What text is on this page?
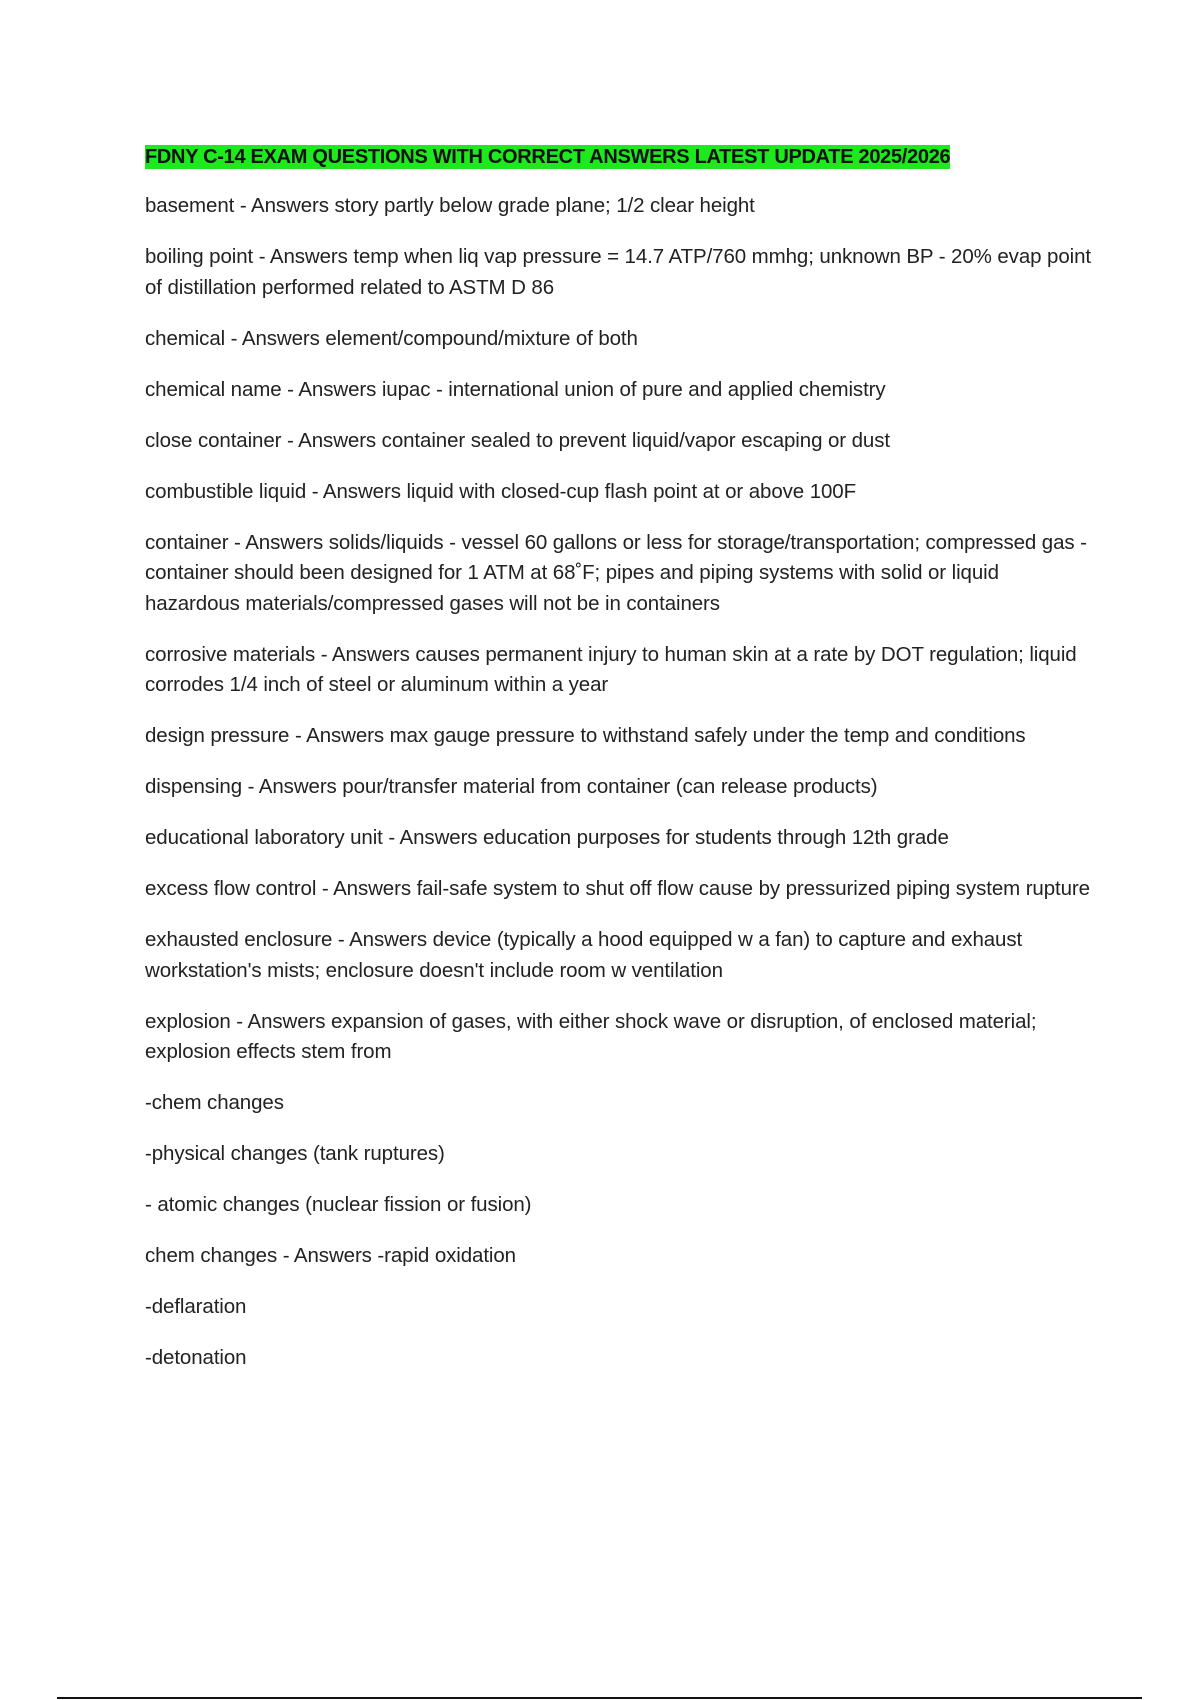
FDNY C-14 EXAM QUESTIONS WITH CORRECT ANSWERS LATEST UPDATE 2025/2026
basement - Answers story partly below grade plane; 1/2 clear height
boiling point - Answers temp when liq vap pressure = 14.7 ATP/760 mmhg; unknown BP - 20% evap point of distillation performed related to ASTM D 86
chemical - Answers element/compound/mixture of both
chemical name - Answers iupac - international union of pure and applied chemistry
close container - Answers container sealed to prevent liquid/vapor escaping or dust
combustible liquid - Answers liquid with closed-cup flash point at or above 100F
container - Answers solids/liquids - vessel 60 gallons or less for storage/transportation; compressed gas - container should been designed for 1 ATM at 68˚F; pipes and piping systems with solid or liquid hazardous materials/compressed gases will not be in containers
corrosive materials - Answers causes permanent injury to human skin at a rate by DOT regulation; liquid corrodes 1/4 inch of steel or aluminum within a year
design pressure - Answers max gauge pressure to withstand safely under the temp and conditions
dispensing - Answers pour/transfer material from container (can release products)
educational laboratory unit - Answers education purposes for students through 12th grade
excess flow control - Answers fail-safe system to shut off flow cause by pressurized piping system rupture
exhausted enclosure - Answers device (typically a hood equipped w a fan) to capture and exhaust workstation's mists; enclosure doesn't include room w ventilation
explosion - Answers expansion of gases, with either shock wave or disruption, of enclosed material; explosion effects stem from
-chem changes
-physical changes (tank ruptures)
- atomic changes (nuclear fission or fusion)
chem changes - Answers -rapid oxidation
-deflaration
-detonation
